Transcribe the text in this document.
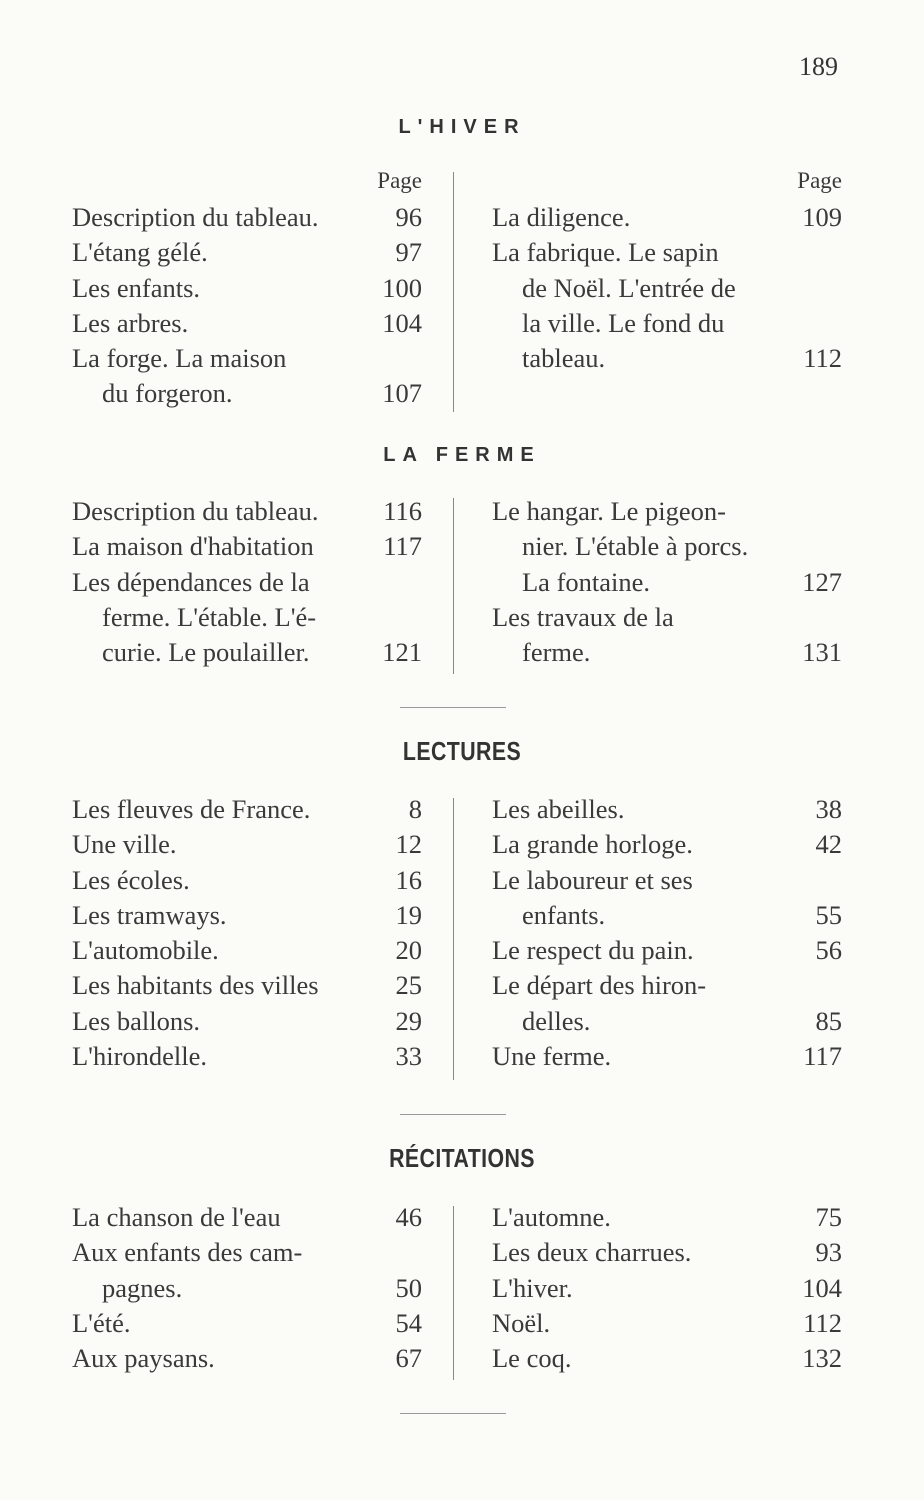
189
L'HIVER
Page
Description du tableau.	96
L'étang gélé.	97
Les enfants.	100
Les arbres.	104
La forge. La maison
du forgeron.	107
Page
La diligence.	109
La fabrique. Le sapin
de Noël. L'entrée de
la ville. Le fond du
tableau.	112
LA FERME
Description du tableau.	116
La maison d'habitation	117
Les dépendances de la
ferme. L'étable. L'é-
curie. Le poulailler.	121
Le hangar. Le pigeon-
nier. L'étable à porcs.
La fontaine.	127
Les travaux de la
ferme.	131
LECTURES
Les fleuves de France.	8
Une ville.	12
Les écoles.	16
Les tramways.	19
L'automobile.	20
Les habitants des villes	25
Les ballons.	29
L'hirondelle.	33
Les abeilles.	38
La grande horloge.	42
Le laboureur et ses
enfants.	55
Le respect du pain.	56
Le départ des hiron-
delles.	85
Une ferme.	117
RÉCITATIONS
La chanson de l'eau	46
Aux enfants des cam-
pagnes.	50
L'été.	54
Aux paysans.	67
L'automne.	75
Les deux charrues.	93
L'hiver.	104
Noël.	112
Le coq.	132
